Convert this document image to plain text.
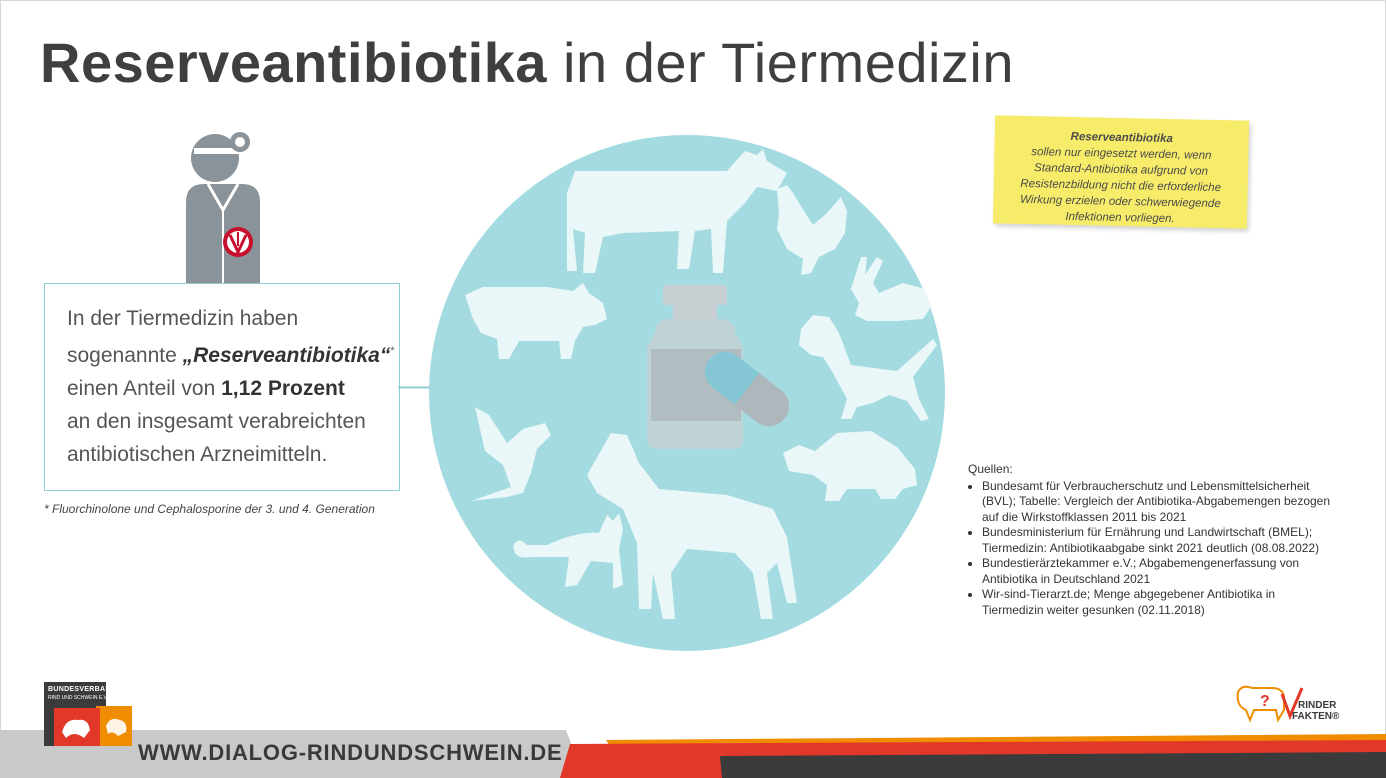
Reserveantibiotika in der Tiermedizin
In der Tiermedizin haben
sogenannte „Reserveantibiotika“*
einen Anteil von 1,12 Prozent
an den insgesamt verabreichten
antibiotischen Arzneimitteln.
* Fluorchinolone und Cephalosporine der 3. und 4. Generation
Reserveantibiotika
sollen nur eingesetzt werden, wenn
Standard-Antibiotika aufgrund von
Resistenzbildung nicht die erforderliche
Wirkung erzielen oder schwerwiegende
Infektionen vorliegen.
Quellen:
• Bundesamt für Verbraucherschutz und Lebensmittelsicherheit (BVL); Tabelle: Vergleich der Antibiotika-Abgabemengen bezogen auf die Wirkstoffklassen 2011 bis 2021
• Bundesministerium für Ernährung und Landwirtschaft (BMEL); Tiermedizin: Antibiotikaabgabe sinkt 2021 deutlich (08.08.2022)
• Bundestierärztekammer e.V.; Abgabemengenerfassung von Antibiotika in Deutschland 2021
• Wir-sind-Tierarzt.de; Menge abgegebener Antibiotika in Tiermedizin weiter gesunken (02.11.2018)
WWW.DIALOG-RINDUNDSCHWEIN.DE
BUNDESVERBAND
RIND UND SCHWEIN E.V.	?	RINDER
FAKTEN®
